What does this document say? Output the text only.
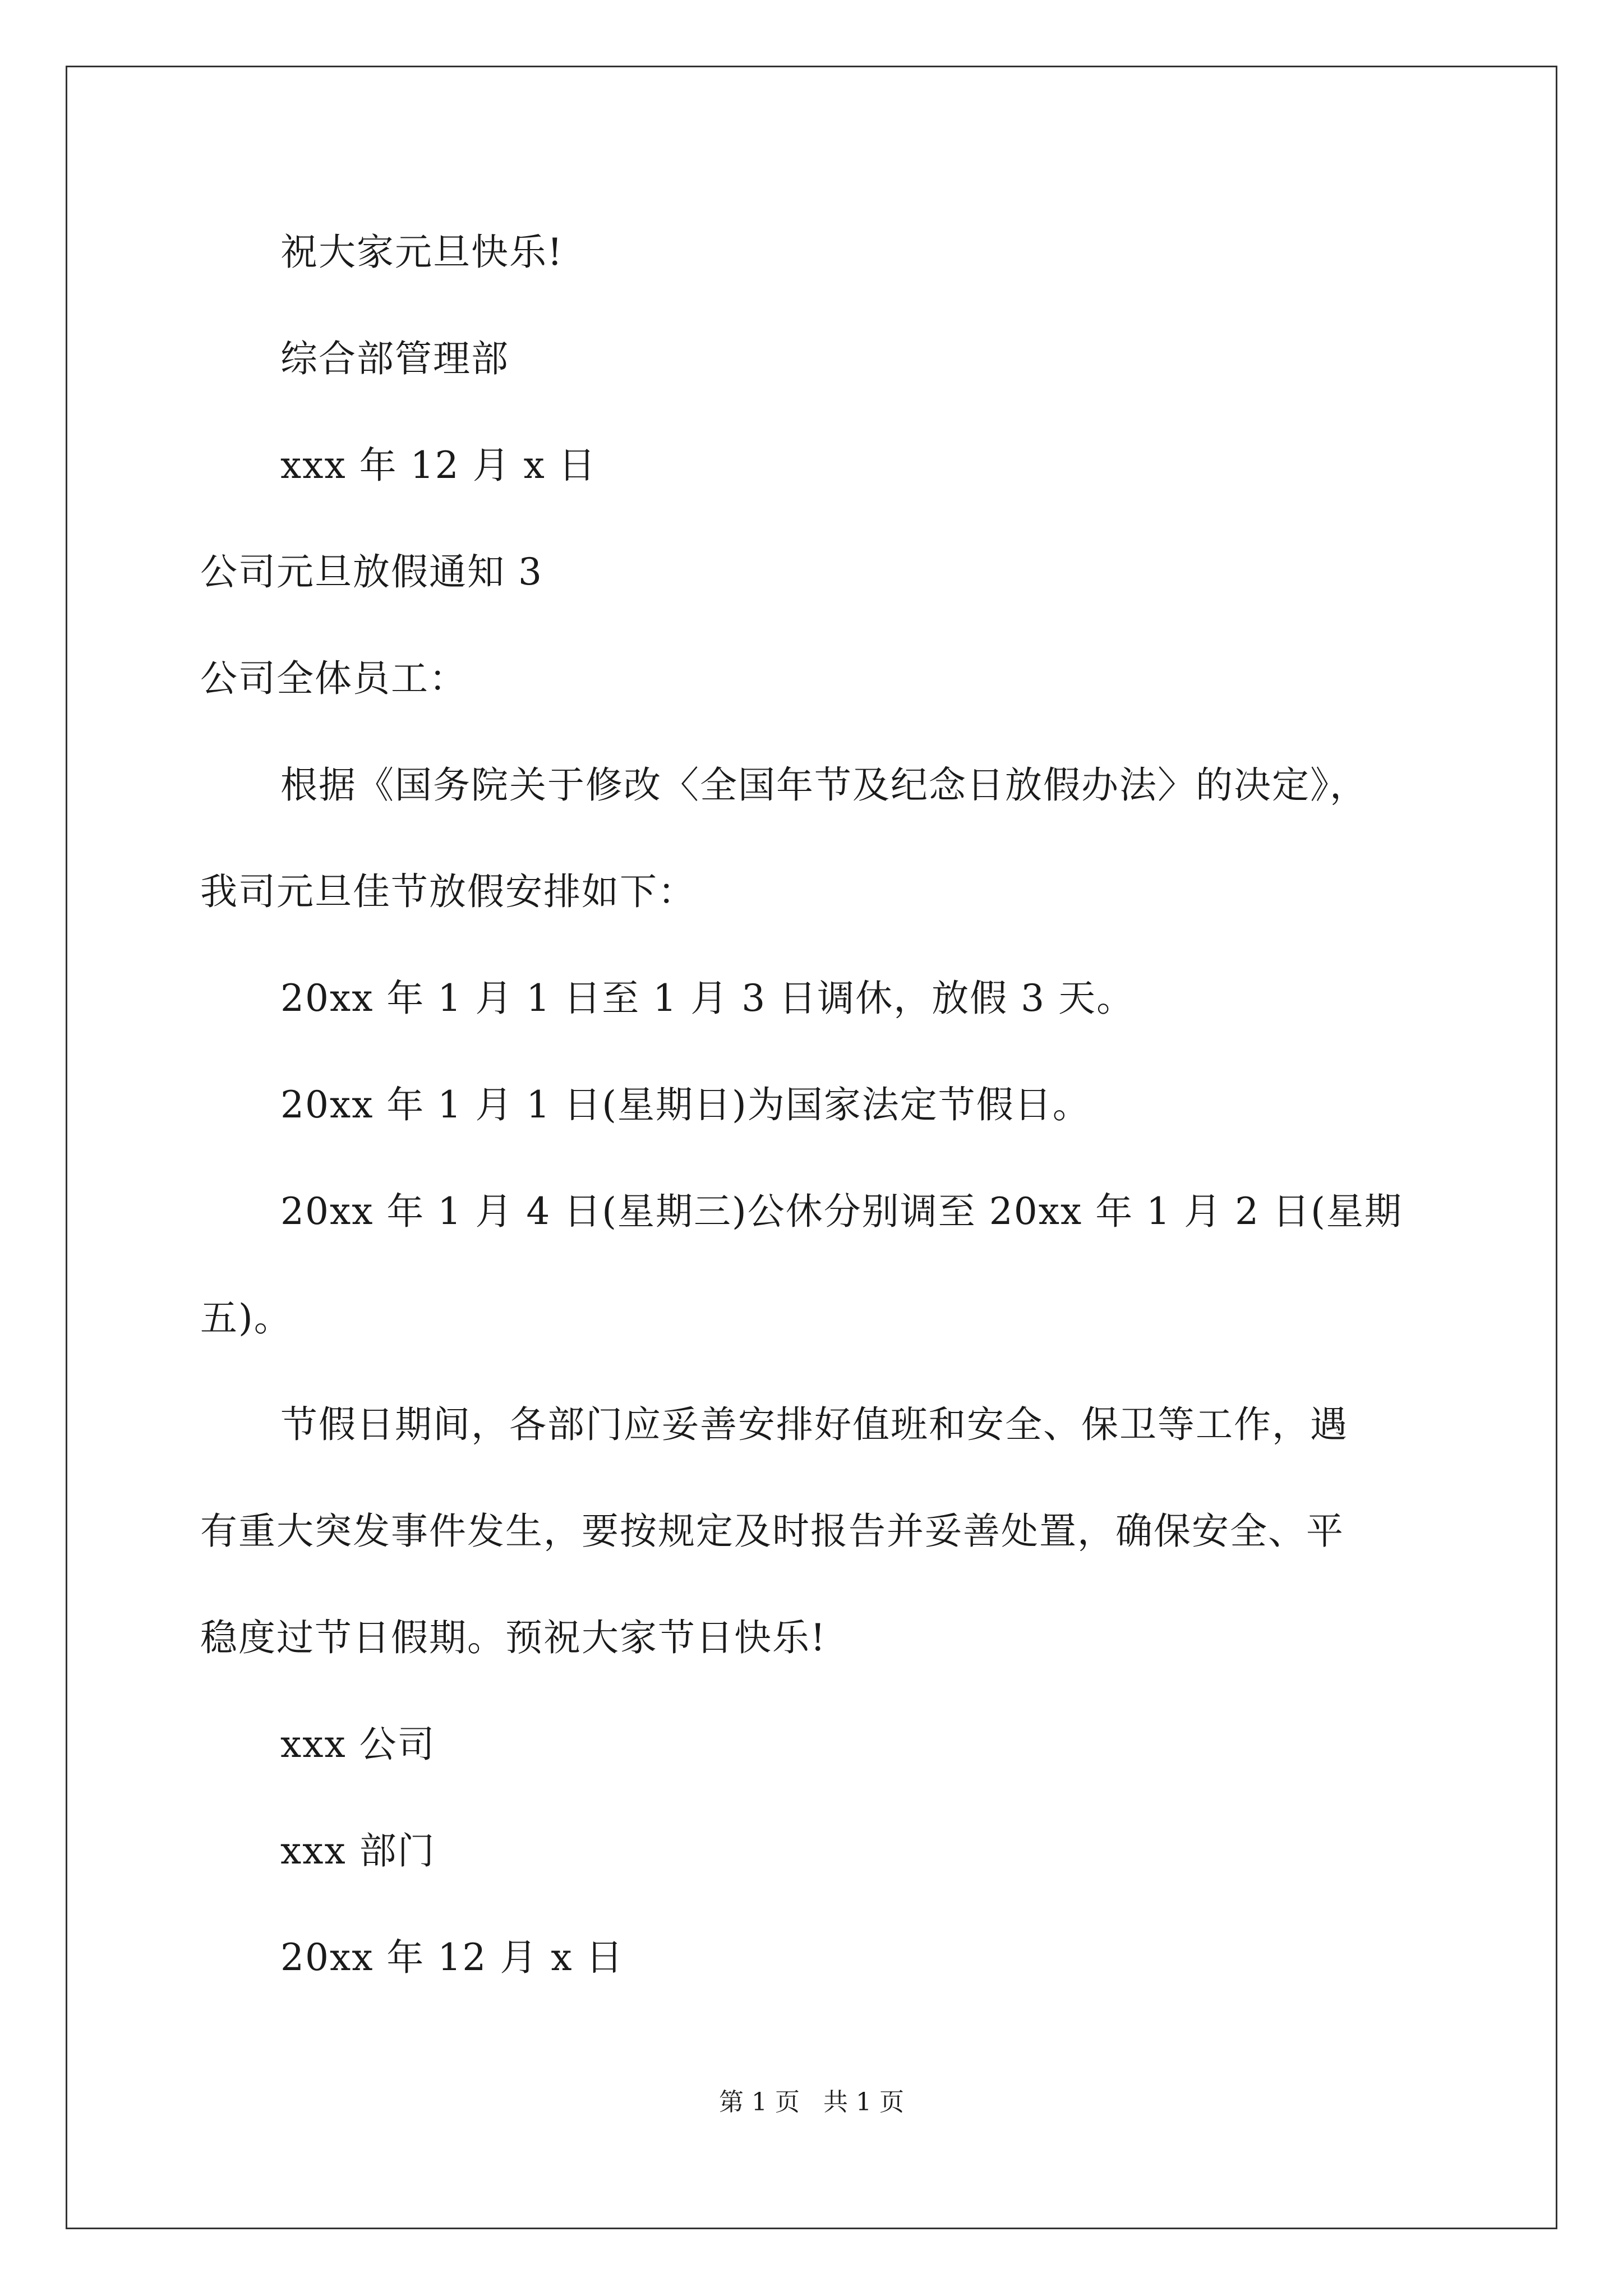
祝大家元旦快乐!
综合部管理部
xxx 年 12 月 x 日
公司元旦放假通知 3
公司全体员工：
根据《国务院关于修改〈全国年节及纪念日放假办法〉的决定》，
我司元旦佳节放假安排如下：
20xx 年 1 月 1 日至 1 月 3 日调休，放假 3 天。
20xx 年 1 月 1 日(星期日)为国家法定节假日。
20xx 年 1 月 4 日(星期三)公休分别调至 20xx 年 1 月 2 日(星期
五)。
节假日期间，各部门应妥善安排好值班和安全、保卫等工作，遇
有重大突发事件发生，要按规定及时报告并妥善处置，确保安全、平
稳度过节日假期。预祝大家节日快乐!
xxx 公司
xxx 部门
20xx 年 12 月 x 日
第 1 页   共 1 页
